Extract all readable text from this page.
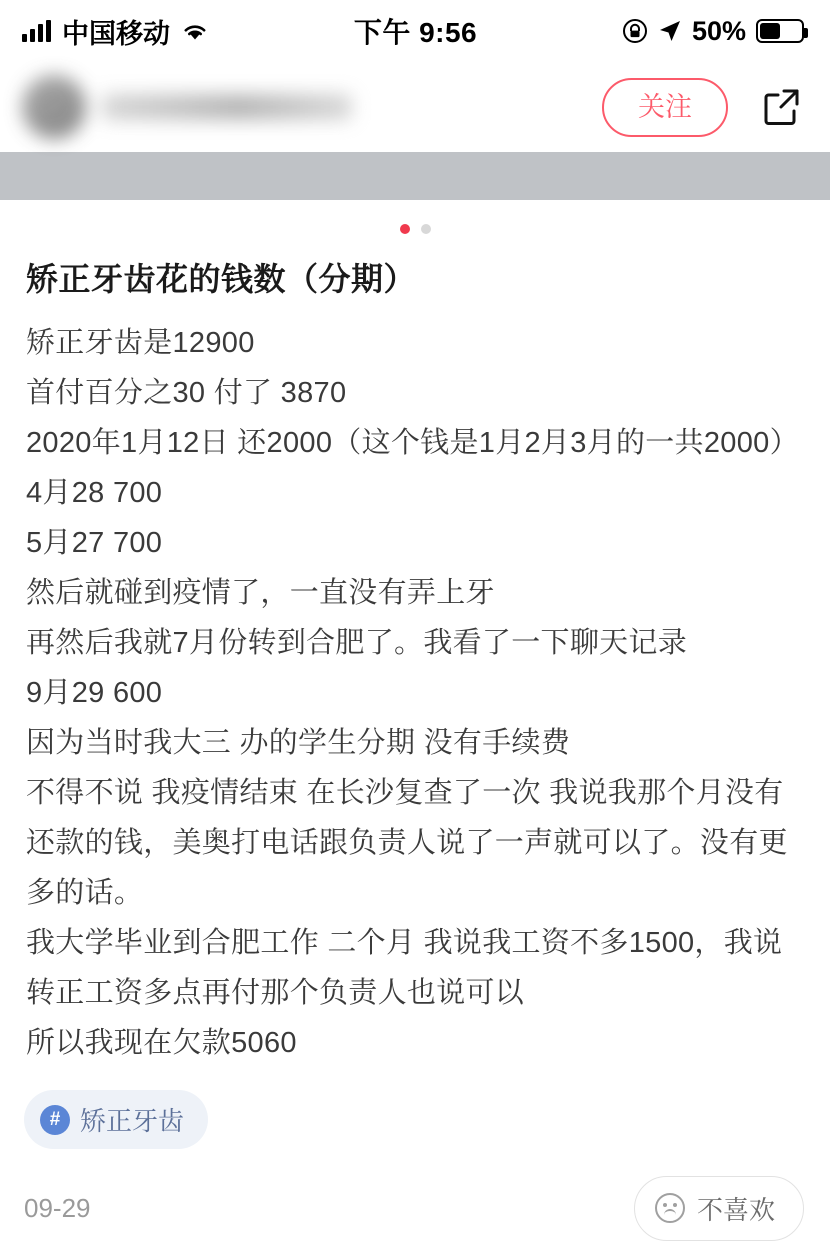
中国移动	下午 9:56	50%
关注
矫正牙齿花的钱数（分期）

矫正牙齿是12900

首付百分之30 付了 3870

2020年1月12日 还2000（这个钱是1月2月3月的一共2000）

4月28 700

5月27 700

然后就碰到疫情了，一直没有弄上牙

再然后我就7月份转到合肥了。我看了一下聊天记录

9月29 600

因为当时我大三 办的学生分期 没有手续费

不得不说 我疫情结束 在长沙复查了一次 我说我那个月没有还款的钱，美奥打电话跟负责人说了一声就可以了。没有更多的话。

我大学毕业到合肥工作 二个月 我说我工资不多1500，我说转正工资多点再付那个负责人也说可以

所以我现在欠款5060

# 矫正牙齿
09-29	不喜欢
